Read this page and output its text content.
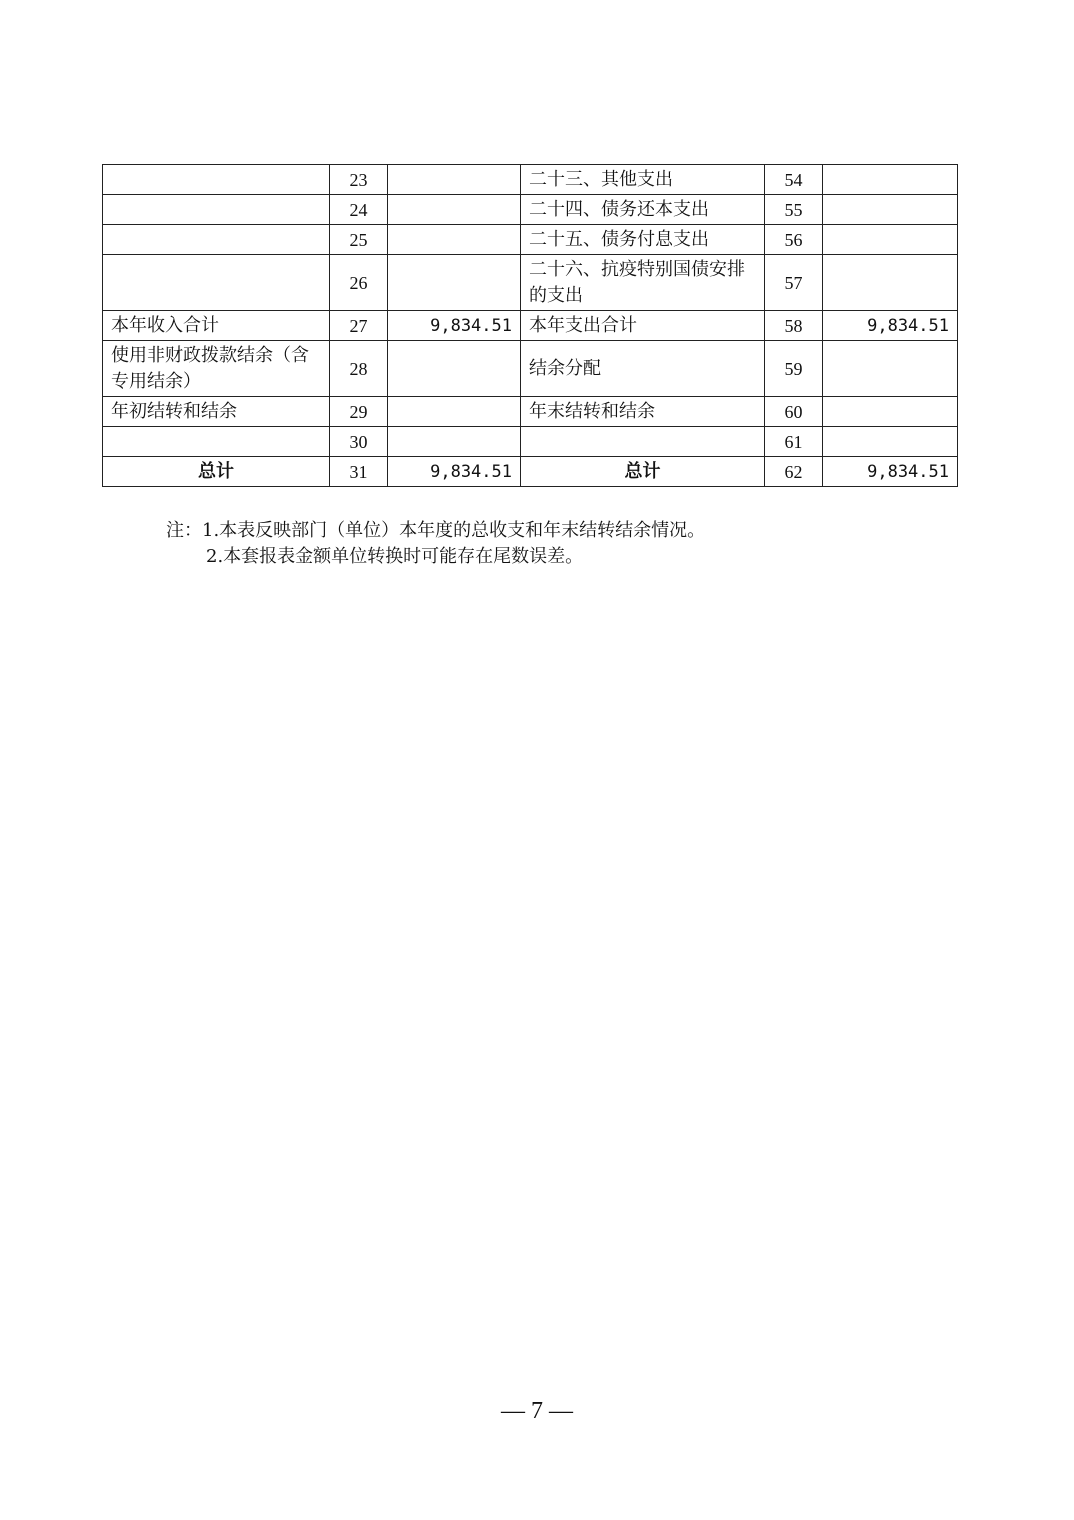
	23		二十三、其他支出	54	
	24		二十四、债务还本支出	55	
	25		二十五、债务付息支出	56	
	26		二十六、抗疫特别国债安排的支出	57	
本年收入合计	27	9,834.51	本年支出合计	58	9,834.51
使用非财政拨款结余（含专用结余）	28		结余分配	59	
年初结转和结余	29		年末结转和结余	60	
	30			61	
总计	31	9,834.51	总计	62	9,834.51
注：1.本表反映部门（单位）本年度的总收支和年末结转结余情况。
2.本套报表金额单位转换时可能存在尾数误差。
— 7 —
